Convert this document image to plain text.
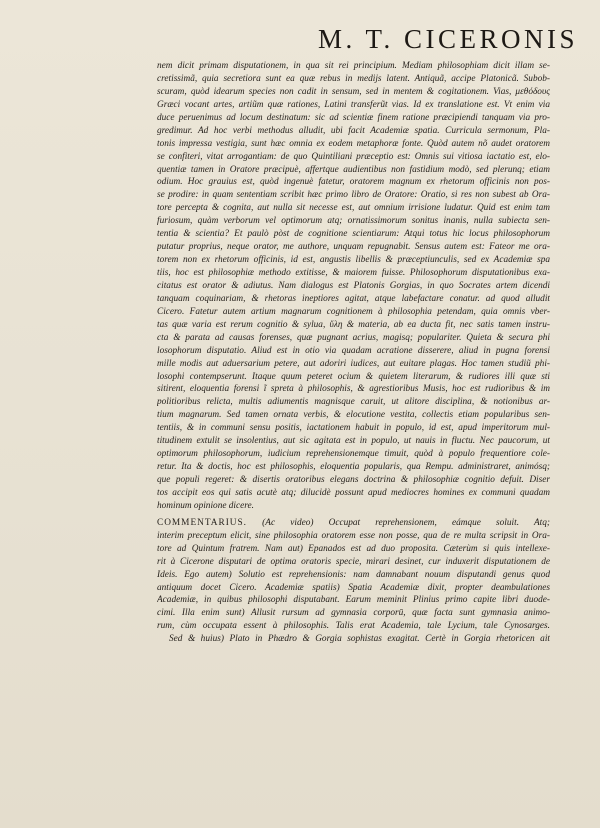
M. T. CICERONIS
nem dicit primam disputationem, in qua sit rei principium. Mediam philosophiam dicit illam se-
cretissimã, quia secretiora sunt ea quæ rebus in medijs latent. Antiquã, accipe Platonicã. Subob-
scuram, quòd idearum species non cadit in sensum, sed in mentem & cogitationem. Vias, μεθόδους
Græci vocant artes, artiũm quæ rationes, Latini transferũt vias. Id ex translatione est. Vt enim via
duce peruenimus ad locum destinatum: sic ad scientiæ finem ratione præcipiendi tanquam via pro-
gredimur. Ad hoc verbi methodus alludit, ubi facit Academiæ spatia. Curricula sermonum, Pla-
tonis impressa vestigia, sunt hæc omnia ex eodem metaphoræ fonte. Quòd autem nõ audet oratorem
se confiteri, vitat arrogantiam: de quo Quintiliani præceptio est: Omnis sui vitiosa iactatio est, elo-
quentiæ tamen in Oratore præcipuè, affertque audientibus non fastidium modò, sed plerunq; etiam
odium. Hoc grauius est, quòd ingenuè fatetur, oratorem magnum ex rhetorum officinis non pos-
se prodire: in quam sententiam scribit hæc primo libro de Oratore: Oratio, si res non subest ab Ora-
tore percepta & cognita, aut nulla sit necesse est, aut omnium irrisione ludatur. Quid est enim tam
furiosum, quàm verborum vel optimorum atq; ornatissimorum sonitus inanis, nulla subiecta sen-
tentia & scientia? Et paulò pòst de cognitione scientiarum: Atqui totus hic locus philosophorum
putatur proprius, neque orator, me authore, unquam repugnabit. Sensus autem est: Fateor me ora-
torem non ex rhetorum officinis, id est, angustis libellis & præceptiunculis, sed ex Academiæ spa
tiis, hoc est philosophiæ methodo extitisse, & maiorem fuisse. Philosophorum disputationibus exa-
citatus est orator & adiutus. Nam dialogus est Platonis Gorgias, in quo Socrates artem dicendi
tanquam coquinariam, & rhetoras ineptiores agitat, atque labefactare conatur. ad quod alludit
Cicero. Fatetur autem artium magnarum cognitionem à philosophia petendam, quia omnis vber-
tas quæ varia est rerum cognitio & sylua, ὕλη & materia, ab ea ducta fit, nec satis tamen instru-
cta & parata ad causas forenses, quæ pugnant acrius, magisq; populariter. Quieta & secura phi
losophorum disputatio. Aliud est in otio via quadam acratione disserere, aliud in pugna forensi
mille modis aut aduersarium petere, aut adoriri iudices, aut euitare plagas. Hoc tamen studiũ phi-
losophi contempserunt. Itaque quum peteret ocium & quietem literarum, & rudiores illi quæ sti
sitirent, eloquentia forensi ĩ spreta à philosophis, & agrestioribus Musis, hoc est rudioribus & im
politioribus relicta, multis adiumentis magnisque caruit, ut alitore disciplina, & notionibus ar-
tium magnarum. Sed tamen ornata verbis, & elocutione vestita, collectis etiam popularibus sen-
tentiis, & in communi sensu positis, iactationem habuit in populo, id est, apud imperitorum mul-
titudinem extulit se insolentius, aut sic agitata est in populo, ut nauis in fluctu. Nec paucorum, ut
optimorum philosophorum, iudicium reprehensionemque timuit, quòd à populo frequentiore cole-
retur. Ita & doctis, hoc est philosophis, eloquentia popularis, qua Rempu. administraret, animósq;
que populi regeret: & disertis oratoribus elegans doctrina & philosophiæ cognitio defuit. Diser
tos accipit eos qui satis acutè atq; dilucidè possunt apud mediocres homines ex communi quadam
hominum opinione dicere.
COMMENTARIUS. (Ac video) Occupat reprehensionem, eámque soluit. Atq;
interim preceptum elicit, sine philosophia oratorem esse non posse, qua de re multa scripsit in Ora-
tore ad Quintum fratrem. Nam aut) Epanados est ad duo proposita. Cæterùm si quis intellexe-
rit à Cicerone disputari de optima oratoris specie, mirari desinet, cur induxerit disputationem de
Ideis. Ego autem) Solutio est reprehensionis: nam damnabant nouum disputandi genus quod
antiquum docet Cicero. Academiæ spatiis) Spatia Academiæ dixit, propter deambulationes
Academiæ, in quibus philosophi disputabant. Earum meminit Plinius primo capite libri duode-
cimi. Illa enim sunt) Allusit rursum ad gymnasia corporū, quæ facta sunt gymnasia animo-
rum, cùm occupata essent à philosophis. Talis erat Academia, tale Lycium, tale Cynosarges.
Sed & huius) Plato in Phædro & Gorgia sophistas exagitat. Certè in Gorgia rhetoricen ait
